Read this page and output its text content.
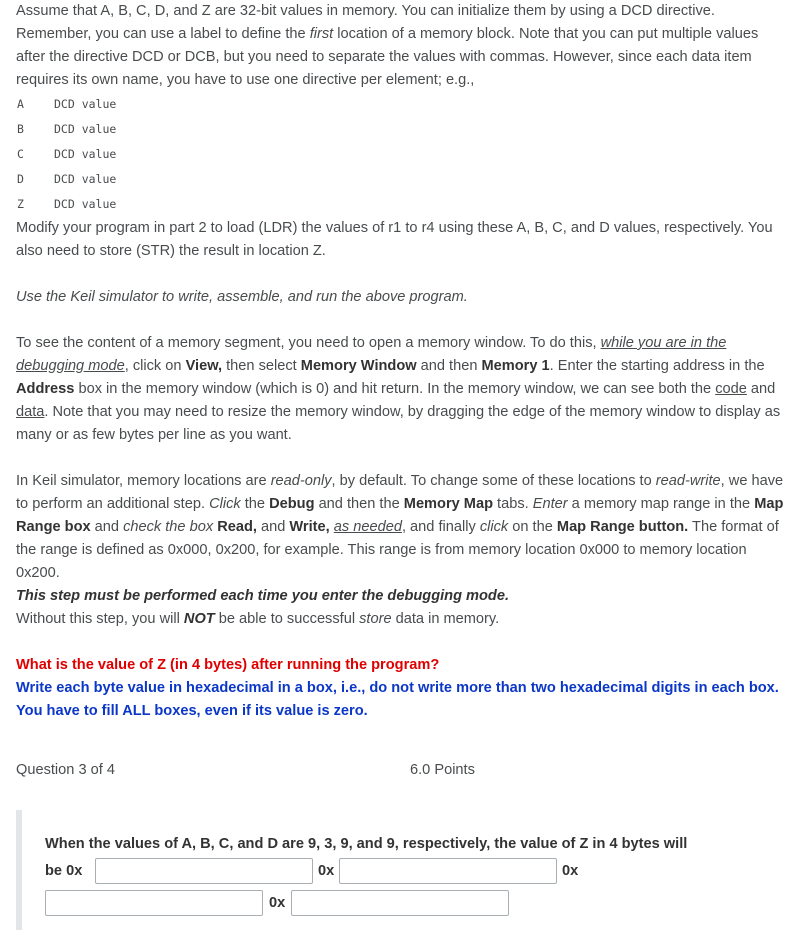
Assume that A, B, C, D, and Z are 32-bit values in memory. You can initialize them by using a DCD directive. Remember, you can use a label to define the first location of a memory block. Note that you can put multiple values after the directive DCD or DCB, but you need to separate the values with commas. However, since each data item requires its own name, you have to use one directive per element; e.g.,
A	DCD value
B	DCD value
C	DCD value
D	DCD value
Z	DCD value
Modify your program in part 2 to load (LDR) the values of r1 to r4 using these A, B, C, and D values, respectively. You also need to store (STR) the result in location Z.
Use the Keil simulator to write, assemble, and run the above program.
To see the content of a memory segment, you need to open a memory window. To do this, while you are in the debugging mode, click on View, then select Memory Window and then Memory 1. Enter the starting address in the Address box in the memory window (which is 0) and hit return. In the memory window, we can see both the code and data. Note that you may need to resize the memory window, by dragging the edge of the memory window to display as many or as few bytes per line as you want.
In Keil simulator, memory locations are read-only, by default. To change some of these locations to read-write, we have to perform an additional step. Click the Debug and then the Memory Map tabs. Enter a memory map range in the Map Range box and check the box Read, and Write, as needed, and finally click on the Map Range button. The format of the range is defined as 0x000, 0x200, for example. This range is from memory location 0x000 to memory location 0x200.
This step must be performed each time you enter the debugging mode.
Without this step, you will NOT be able to successful store data in memory.
What is the value of Z (in 4 bytes) after running the program?
Write each byte value in hexadecimal in a box, i.e., do not write more than two hexadecimal digits in each box. You have to fill ALL boxes, even if its value is zero.
Question 3 of 4	6.0 Points
When the values of A, B, C, and D are 9, 3, 9, and 9, respectively, the value of Z in 4 bytes will
be 0x	0x	0x
0x
